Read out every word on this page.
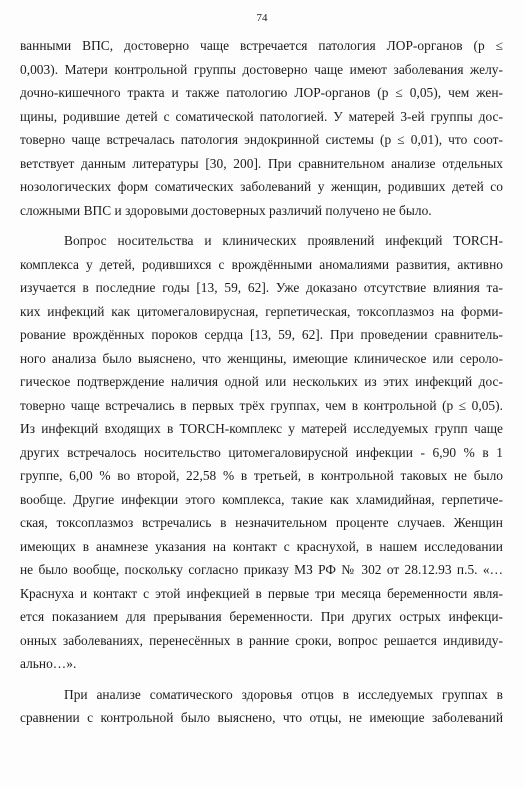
74
ванными ВПС, достоверно чаще встречается патология ЛОР-органов (р ≤
0,003). Матери контрольной группы достоверно чаще имеют заболевания желу-
дочно-кишечного тракта и также патологию ЛОР-органов (р ≤ 0,05), чем жен-
щины, родившие детей с соматической патологией. У матерей 3-ей группы дос-
товерно чаще встречалась патология эндокринной системы (р ≤ 0,01), что соот-
ветствует данным литературы [30, 200]. При сравнительном анализе отдельных
нозологических форм соматических заболеваний у женщин, родивших детей со
сложными ВПС и здоровыми достоверных различий получено не было.
Вопрос носительства и клинических проявлений инфекций TORCH-
комплекса у детей, родившихся с врождёнными аномалиями развития, активно
изучается в последние годы [13, 59, 62]. Уже доказано отсутствие влияния та-
ких инфекций как цитомегаловирусная, герпетическая, токсоплазмоз на форми-
рование врождённых пороков сердца [13, 59, 62]. При проведении сравнитель-
ного анализа было выяснено, что женщины, имеющие клиническое или сероло-
гическое подтверждение наличия одной или нескольких из этих инфекций дос-
товерно чаще встречались в первых трёх группах, чем в контрольной (р ≤ 0,05).
Из инфекций входящих в TORCH-комплекс у матерей исследуемых групп чаще
других встречалось носительство цитомегаловирусной инфекции - 6,90 % в 1
группе, 6,00 % во второй, 22,58 % в третьей, в контрольной таковых не было
вообще. Другие инфекции этого комплекса, такие как хламидийная, герпетиче-
ская, токсоплазмоз встречались в незначительном проценте случаев. Женщин
имеющих в анамнезе указания на контакт с краснухой, в нашем исследовании
не было вообще, поскольку согласно приказу МЗ РФ № 302 от 28.12.93 п.5. «…
Краснуха и контакт с этой инфекцией в первые три месяца беременности явля-
ется показанием для прерывания беременности. При других острых инфекци-
онных заболеваниях, перенесённых в ранние сроки, вопрос решается индивиду-
ально…».
При анализе соматического здоровья отцов в исследуемых группах в
сравнении с контрольной было выяснено, что отцы, не имеющие заболеваний
